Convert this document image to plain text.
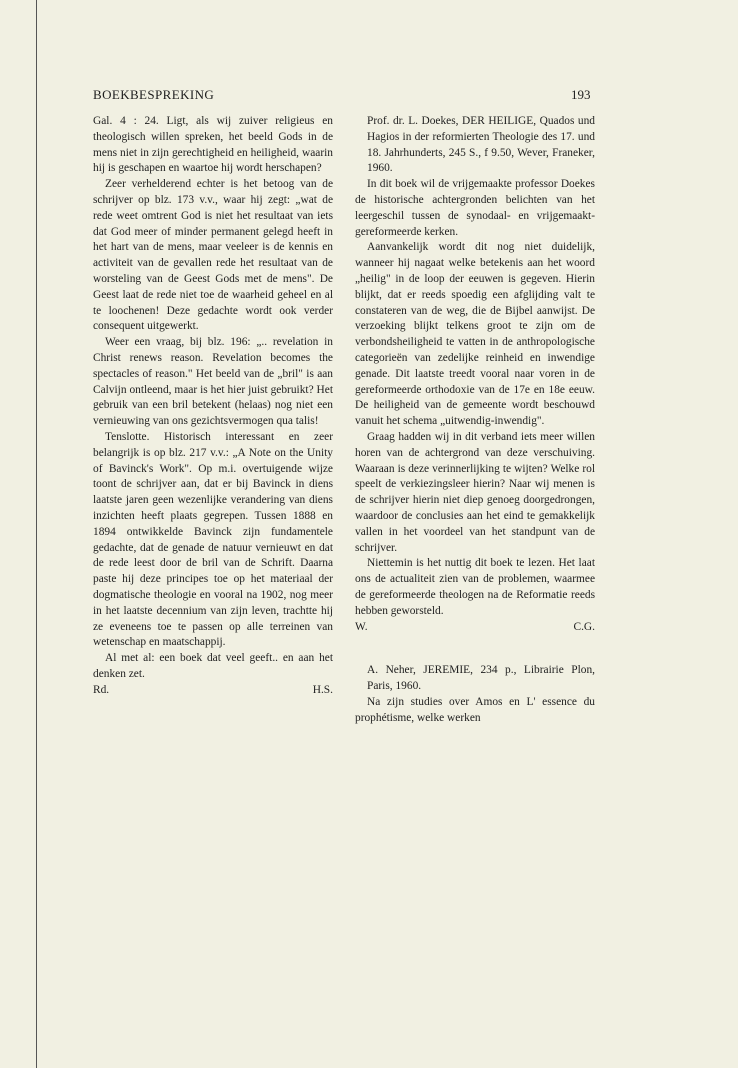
BOEKBESPREKING	193

Gal. 4 : 24. Ligt, als wij zuiver religieus en theologisch willen spreken, het beeld Gods in de mens niet in zijn gerechtigheid en heiligheid, waarin hij is geschapen en waartoe hij wordt herschapen?

Zeer verhelderend echter is het betoog van de schrijver op blz. 173 v.v., waar hij zegt: „wat de rede weet omtrent God is niet het resultaat van iets dat God meer of minder permanent gelegd heeft in het hart van de mens, maar veeleer is de kennis en activiteit van de gevallen rede het resultaat van de worsteling van de Geest Gods met de mens". De Geest laat de rede niet toe de waarheid geheel en al te loochenen! Deze gedachte wordt ook verder consequent uitgewerkt.

Weer een vraag, bij blz. 196: „.. revelation in Christ renews reason. Revelation becomes the spectacles of reason." Het beeld van de „bril" is aan Calvijn ontleend, maar is het hier juist gebruikt? Het gebruik van een bril betekent (helaas) nog niet een vernieuwing van ons gezichtsvermogen qua talis!

Tenslotte. Historisch interessant en zeer belangrijk is op blz. 217 v.v.: „A Note on the Unity of Bavinck's Work". Op m.i. overtuigende wijze toont de schrijver aan, dat er bij Bavinck in diens laatste jaren geen wezenlijke verandering van diens inzichten heeft plaats gegrepen. Tussen 1888 en 1894 ontwikkelde Bavinck zijn fundamentele gedachte, dat de genade de natuur vernieuwt en dat de rede leest door de bril van de Schrift. Daarna paste hij deze principes toe op het materiaal der dogmatische theologie en vooral na 1902, nog meer in het laatste decennium van zijn leven, trachtte hij ze eveneens toe te passen op alle terreinen van wetenschap en maatschappij.

Al met al: een boek dat veel geeft.. en aan het denken zet.

Rd.	H.S.

Prof. dr. L. Doekes, DER HEILIGE, Quados und Hagios in der reformierten Theologie des 17. und 18. Jahrhunderts, 245 S., f 9.50, Wever, Franeker, 1960.

In dit boek wil de vrijgemaakte professor Doekes de historische achtergronden belichten van het leergeschil tussen de synodaal- en vrijgemaakt-gereformeerde kerken.

Aanvankelijk wordt dit nog niet duidelijk, wanneer hij nagaat welke betekenis aan het woord „heilig" in de loop der eeuwen is gegeven. Hierin blijkt, dat er reeds spoedig een afglijding valt te constateren van de weg, die de Bijbel aanwijst. De verzoeking blijkt telkens groot te zijn om de verbondsheiligheid te vatten in de anthropologische categorieën van zedelijke reinheid en inwendige genade. Dit laatste treedt vooral naar voren in de gereformeerde orthodoxie van de 17e en 18e eeuw. De heiligheid van de gemeente wordt beschouwd vanuit het schema „uitwendig-inwendig".

Graag hadden wij in dit verband iets meer willen horen van de achtergrond van deze verschuiving. Waaraan is deze verinnerlijking te wijten? Welke rol speelt de verkiezingsleer hierin? Naar wij menen is de schrijver hierin niet diep genoeg doorgedrongen, waardoor de conclusies aan het eind te gemakkelijk vallen in het voordeel van het standpunt van de schrijver.

Niettemin is het nuttig dit boek te lezen. Het laat ons de actualiteit zien van de problemen, waarmee de gereformeerde theologen na de Reformatie reeds hebben geworsteld.

W.	C.G.

A. Neher, JEREMIE, 234 p., Librairie Plon, Paris, 1960.

Na zijn studies over Amos en L' essence du prophétisme, welke werken
